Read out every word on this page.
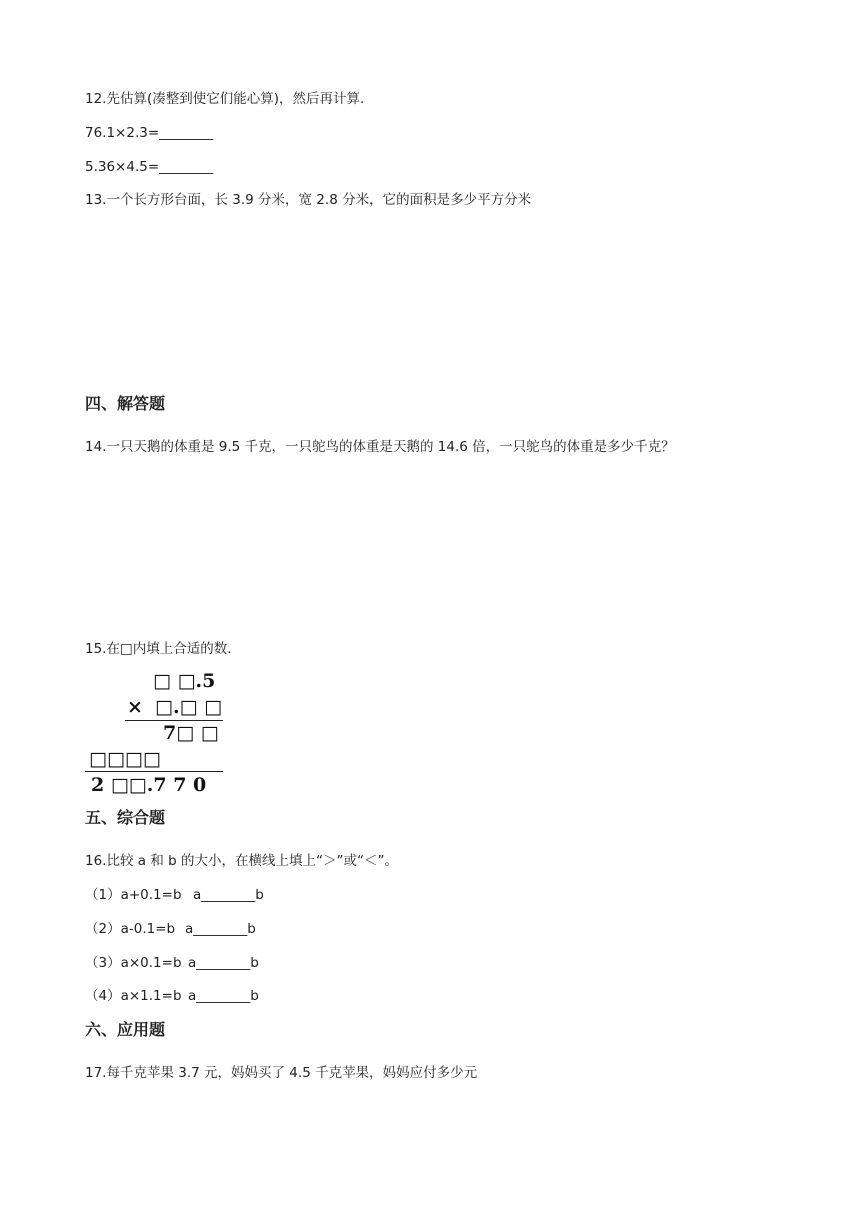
12.先估算(凑整到使它们能心算)，然后再计算.
76.1×2.3=________
5.36×4.5=________
13.一个长方形台面，长 3.9 分米，宽 2.8 分米，它的面积是多少平方分米
四、解答题
14.一只天鹅的体重是 9.5 千克，一只鸵鸟的体重是天鹅的 14.6 倍，一只鸵鸟的体重是多少千克？
15.在□内填上合适的数.
□ □.5
× □.□ □
7□ □
□□□□
2 □□.7 7 0
五、综合题
16.比较 a 和 b 的大小，在横线上填上“＞”或“＜”。
（1）a+0.1=b a________b
（2）a-0.1=b a________b
（3）a×0.1=b a________b
（4）a×1.1=b a________b
六、应用题
17.每千克苹果 3.7 元，妈妈买了 4.5 千克苹果，妈妈应付多少元
